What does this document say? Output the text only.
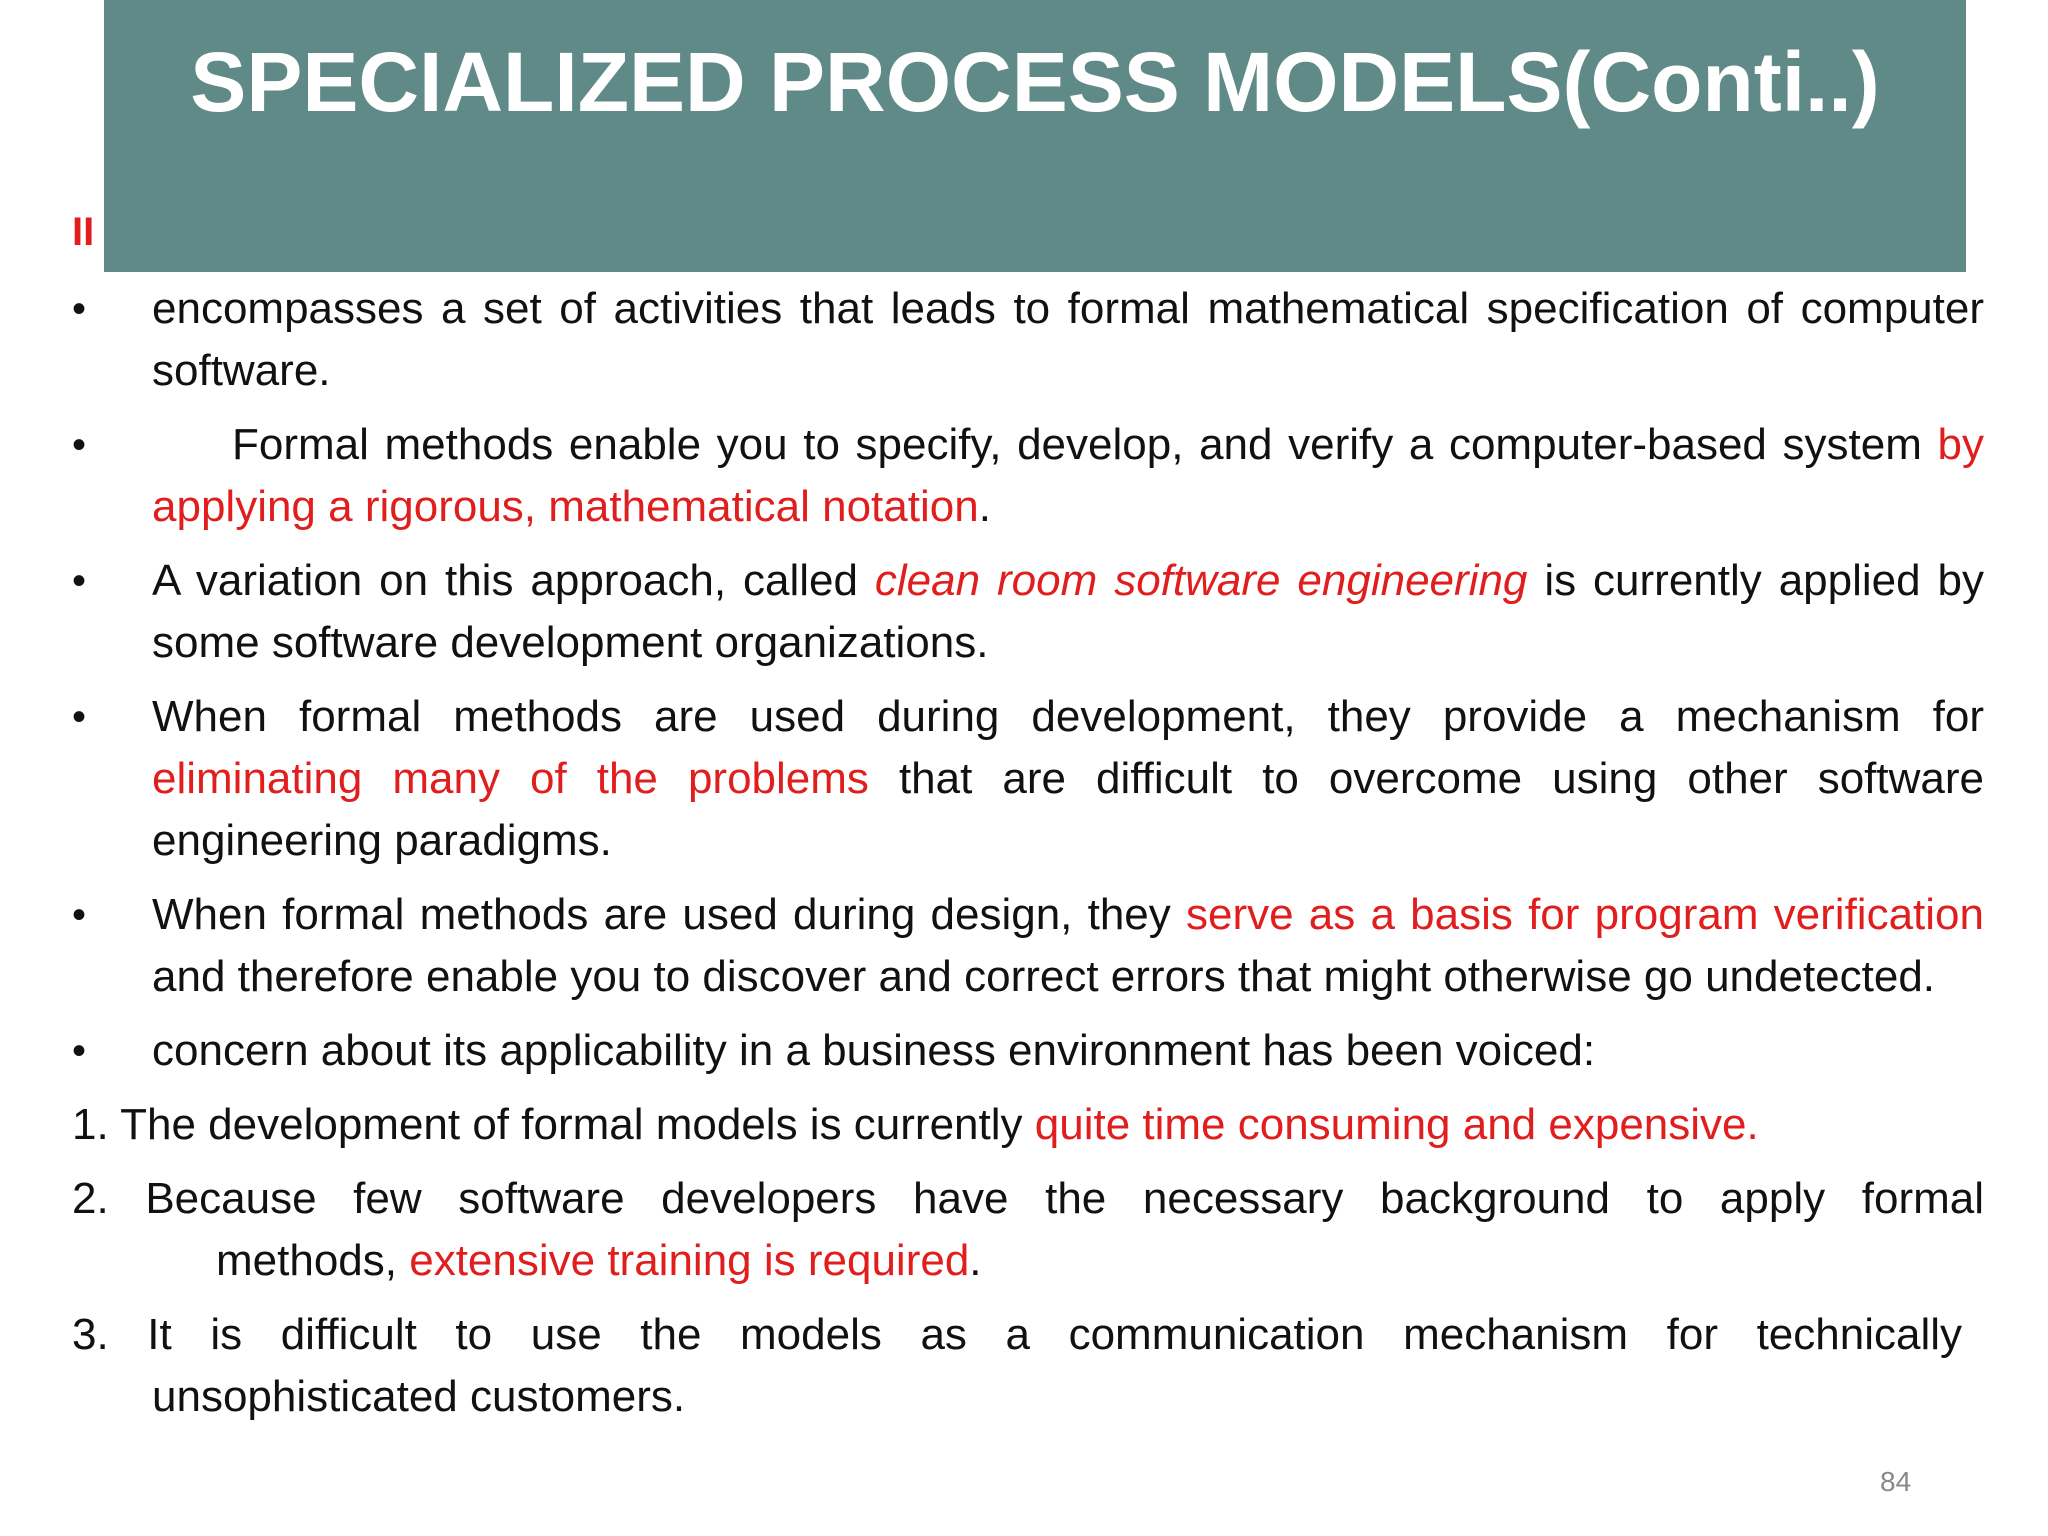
SPECIALIZED PROCESS MODELS(Conti..)
II
•	encompasses a set of activities that leads to formal mathematical specification of computer software.
•	Formal methods enable you to specify, develop, and verify a computer-based system by applying a rigorous, mathematical notation.
•	A variation on this approach, called clean room software engineering is currently applied by some software development organizations.
•	When formal methods are used during development, they provide a mechanism for eliminating many of the problems that are difficult to overcome using other software engineering paradigms.
•	When formal methods are used during design, they serve as a basis for program verification and therefore enable you to discover and correct errors that might otherwise go undetected.
•	concern about its applicability in a business environment has been voiced:
1. The development of formal models is currently quite time consuming and expensive.
2. Because few software developers have the necessary background to apply formal
methods, extensive training is required.
3. It is difficult to use the models as a communication mechanism for technically
unsophisticated customers.
84
